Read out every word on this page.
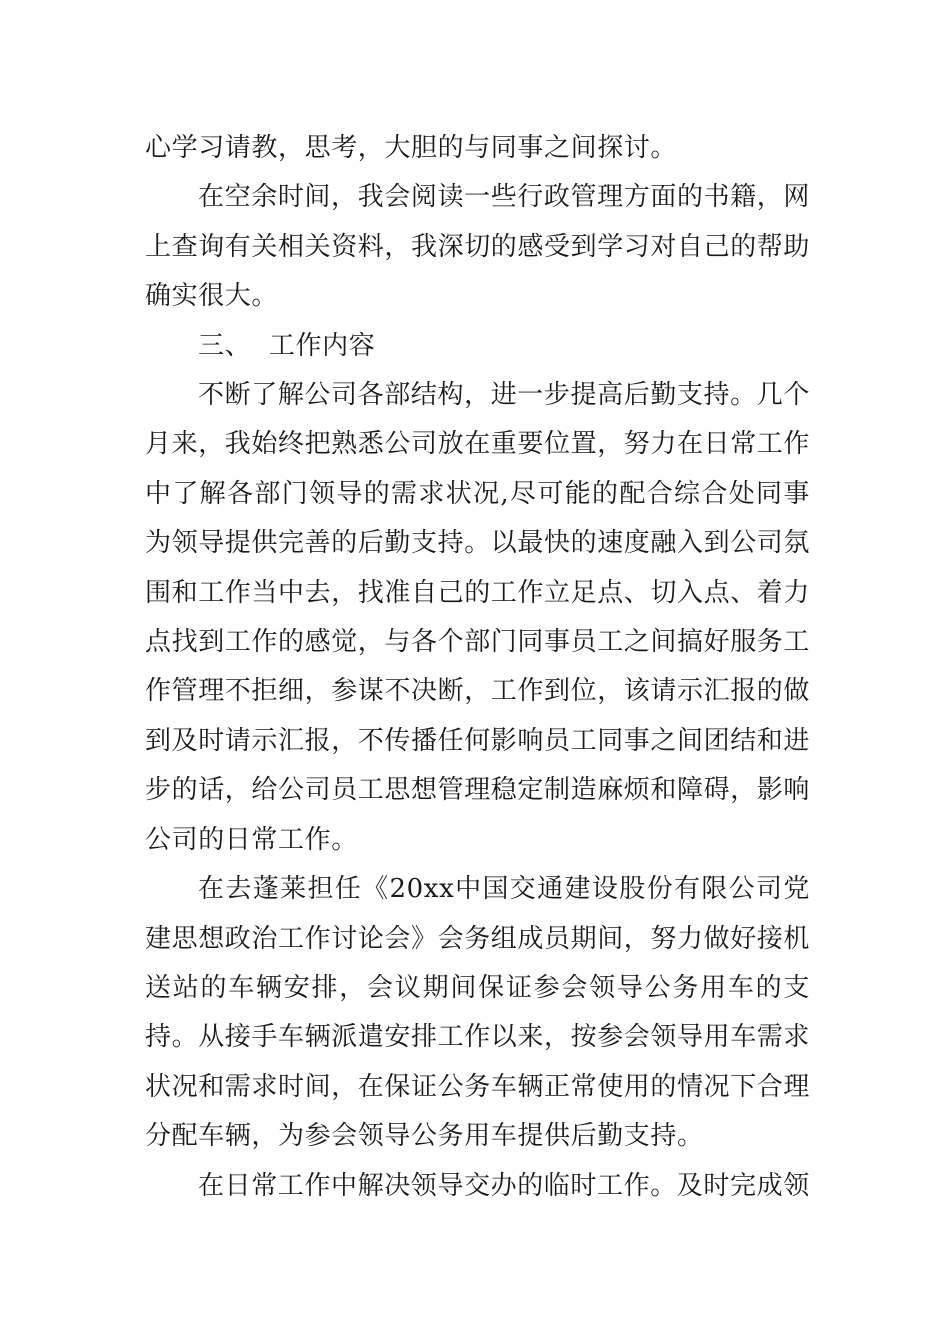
心学习请教，思考，大胆的与同事之间探讨。

在空余时间，我会阅读一些行政管理方面的书籍，网上查询有关相关资料，我深切的感受到学习对自己的帮助确实很大。

三、  工作内容

不断了解公司各部结构，进一步提高后勤支持。几个月来，我始终把熟悉公司放在重要位置，努力在日常工作中了解各部门领导的需求状况,尽可能的配合综合处同事为领导提供完善的后勤支持。以最快的速度融入到公司氛围和工作当中去，找准自己的工作立足点、切入点、着力点找到工作的感觉，与各个部门同事员工之间搞好服务工作管理不拒细，参谋不决断，工作到位，该请示汇报的做到及时请示汇报，不传播任何影响员工同事之间团结和进步的话，给公司员工思想管理稳定制造麻烦和障碍，影响公司的日常工作。

在去蓬莱担任《20xx中国交通建设股份有限公司党建思想政治工作讨论会》会务组成员期间，努力做好接机送站的车辆安排，会议期间保证参会领导公务用车的支持。从接手车辆派遣安排工作以来，按参会领导用车需求状况和需求时间，在保证公务车辆正常使用的情况下合理分配车辆，为参会领导公务用车提供后勤支持。

在日常工作中解决领导交办的临时工作。及时完成领
